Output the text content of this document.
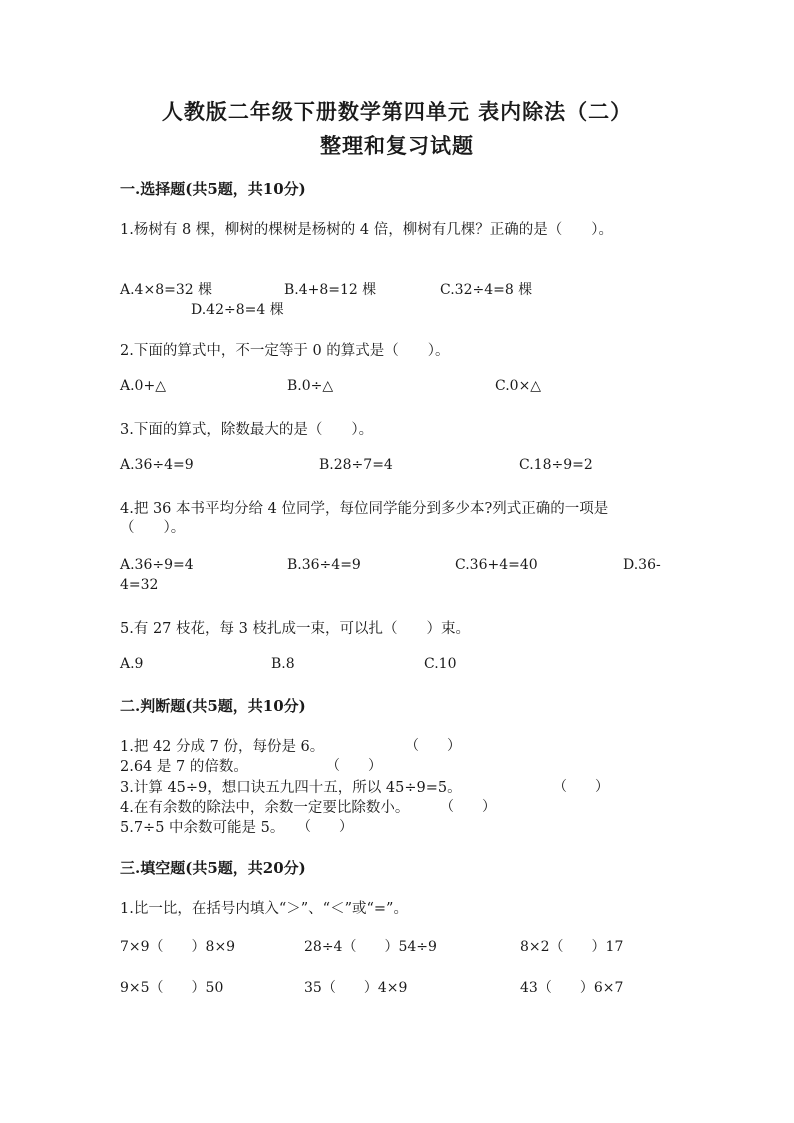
人教版二年级下册数学第四单元 表内除法（二）
整理和复习试题
一.选择题(共5题，共10分)
1.杨树有 8 棵，柳树的棵树是杨树的 4 倍，柳树有几棵？正确的是（　　）。
A.4×8=32 棵	B.4+8=12 棵	C.32÷4=8 棵
D.42÷8=4 棵
2.下面的算式中，不一定等于 0 的算式是（　　）。
A.0+△	B.0÷△	C.0×△
3.下面的算式，除数最大的是（　　）。
A.36÷4=9	B.28÷7=4	C.18÷9=2
4.把 36 本书平均分给 4 位同学，每位同学能分到多少本?列式正确的一项是
（　　）。
A.36÷9=4	B.36÷4=9	C.36+4=40	D.36-
4=32
5.有 27 枝花，每 3 枝扎成一束，可以扎（　　）束。
A.9	B.8	C.10
二.判断题(共5题，共10分)
1.把 42 分成 7 份，每份是 6。	（　　）
2.64 是 7 的倍数。	（　　）
3.计算 45÷9，想口诀五九四十五，所以 45÷9=5。	（　　）
4.在有余数的除法中，余数一定要比除数小。 （　　）
5.7÷5 中余数可能是 5。 （　　）
三.填空题(共5题，共20分)
1.比一比，在括号内填入“＞”、“＜”或“=”。
7×9（　　）8×9	28÷4（　　）54÷9	8×2（　　）17
9×5（　　）50	35（　　）4×9	43（　　）6×7
